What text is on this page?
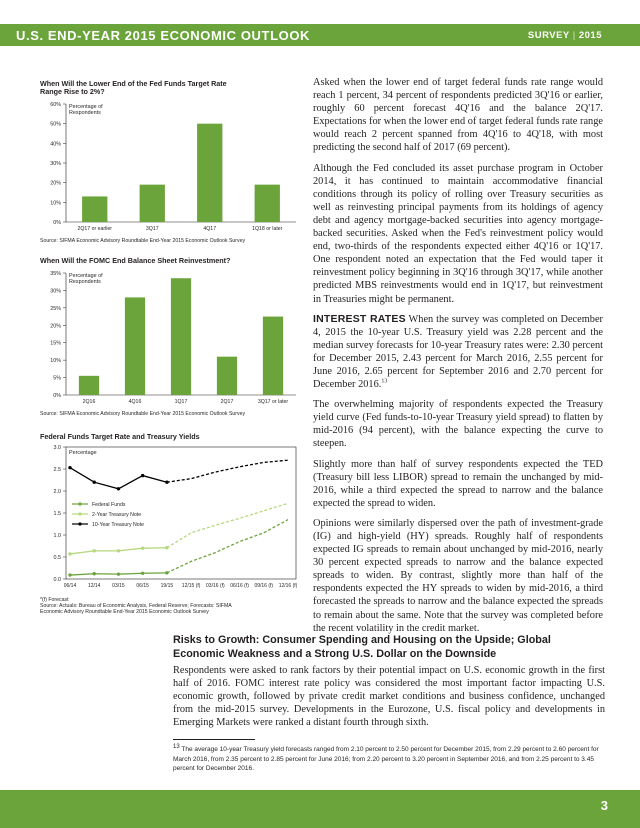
U.S. END-YEAR 2015 ECONOMIC OUTLOOK	SURVEY | 2015
When Will the Lower End of the Fed Funds Target Rate Range Rise to 2%?
0%
10%
20%
30%
40%
50%
60% Percentage of
Respondents
2Q17 or earlier	3Q17	4Q17	1Q18 or later
Source: SIFMA Economic Advisory Roundtable End-Year 2015 Economic Outlook Survey
When Will the FOMC End Balance Sheet Reinvestment?
0%
5%
10%
15%
20%
25%
30%
35% Percentage of
Respondents
2Q16	4Q16	1Q17	2Q17	3Q17 or later
Source: SIFMA Economic Advisory Roundtable End-Year 2015 Economic Outlook Survey
Federal Funds Target Rate and Treasury Yields
0.0
0.5
1.0
1.5
2.0
2.5
3.0
Percentage
06/14 12/14 03/15 06/15 19/15 12/15 (f) 03/16 (f) 06/16 (f) 09/16 (f) 12/16 (f)
Federal Funds
2-Year Treasury Note
10-Year Treasury Note
*(f) Forecast
Source: Actuals: Bureau of Economic Analysis, Federal Reserve; Forecasts: SIFMA
Economic Advisory Roundtable End-Year 2015 Economic Outlook Survey

Asked when the lower end of target federal funds rate range would reach 1 percent, 34 percent of respondents predicted 3Q'16 or earlier, roughly 60 percent forecast 4Q'16 and the balance 2Q'17. Expectations for when the lower end of target federal funds rate range would reach 2 percent spanned from 4Q'16 to 4Q'18, with most predicting the second half of 2017 (69 percent).

Although the Fed concluded its asset purchase program in October 2014, it has continued to maintain accommodative financial conditions through its policy of rolling over Treasury securities as well as reinvesting principal payments from its holdings of agency debt and agency mortgage-backed securities into agency mortgage-backed securities. Asked when the Fed's reinvestment policy would end, two-thirds of the respondents expected either 4Q'16 or 1Q'17. One respondent noted an expectation that the Fed would taper it reinvestment policy beginning in 3Q'16 through 3Q'17, while another predicted MBS reinvestments would end in 1Q'17, but reinvestment in Treasuries might be permanent.

INTEREST RATES When the survey was completed on December 4, 2015 the 10-year U.S. Treasury yield was 2.28 percent and the median survey forecasts for 10-year Treasury rates were: 2.30 percent for December 2015, 2.43 percent for March 2016, 2.55 percent for June 2016, 2.65 percent for September 2016 and 2.70 percent for December 2016.13

The overwhelming majority of respondents expected the Treasury yield curve (Fed funds-to-10-year Treasury yield spread) to flatten by mid-2016 (94 percent), with the balance expecting the curve to steepen.

Slightly more than half of survey respondents expected the TED (Treasury bill less LIBOR) spread to remain the unchanged by mid-2016, while a third expected the spread to narrow and the balance expected the spread to widen.

Opinions were similarly dispersed over the path of investment-grade (IG) and high-yield (HY) spreads. Roughly half of respondents expected IG spreads to remain about unchanged by mid-2016, nearly 30 percent expected spreads to narrow and the balance expected spreads to widen. By contrast, slightly more than half of the respondents expected the HY spreads to widen by mid-2016, a third forecasted the spreads to narrow and the balance expected the spreads to remain about the same. Note that the survey was completed before the recent volatility in the credit market.

Risks to Growth: Consumer Spending and Housing on the Upside; Global Economic Weakness and a Strong U.S. Dollar on the Downside

Respondents were asked to rank factors by their potential impact on U.S. economic growth in the first half of 2016. FOMC interest rate policy was considered the most important factor impacting U.S. economic growth, followed by private credit market conditions and business confidence, unchanged from the mid-2015 survey. Developments in the Eurozone, U.S. fiscal policy and developments in Emerging Markets were ranked a distant fourth through sixth.

$^{13}$ The average 10-year Treasury yield forecasts ranged from 2.10 percent to 2.50 percent for December 2015, from 2.29 percent to 2.60 percent for March 2016, from 2.35 percent to 2.85 percent for June 2016; from 2.20 percent to 3.20 percent in September 2016, and from 2.25 percent to 3.45 percent for December 2016.

3
